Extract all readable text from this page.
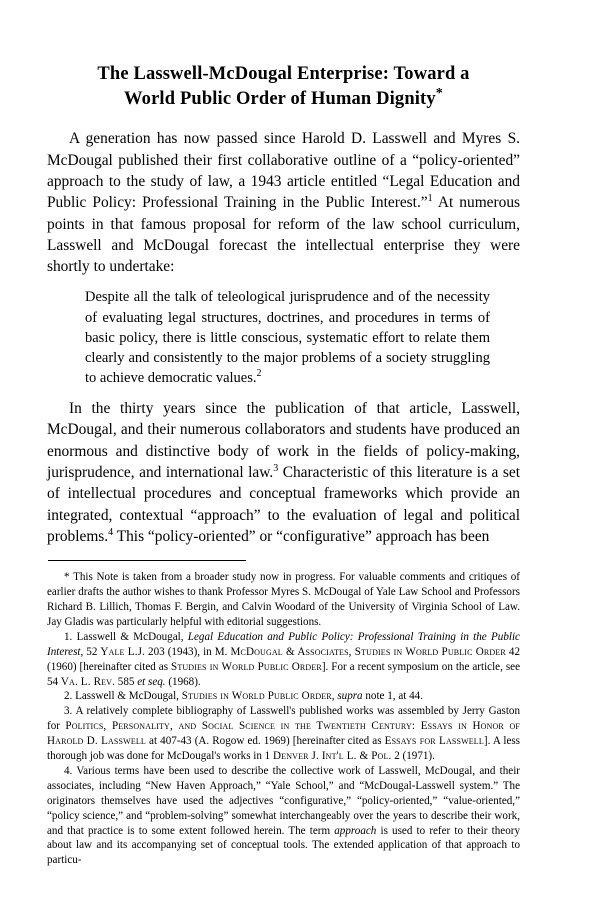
The Lasswell-McDougal Enterprise: Toward a
World Public Order of Human Dignity*

A generation has now passed since Harold D. Lasswell and Myres S. McDougal published their first collaborative outline of a “policy-oriented” approach to the study of law, a 1943 article entitled “Legal Education and Public Policy: Professional Training in the Public Interest.”$^1$ At numerous points in that famous proposal for reform of the law school curriculum, Lasswell and McDougal forecast the intellectual enterprise they were shortly to undertake:

Despite all the talk of teleological jurisprudence and of the necessity of evaluating legal structures, doctrines, and procedures in terms of basic policy, there is little conscious, systematic effort to relate them clearly and consistently to the major problems of a society struggling to achieve democratic values.$^2$

In the thirty years since the publication of that article, Lasswell, McDougal, and their numerous collaborators and students have produced an enormous and distinctive body of work in the fields of policy-making, jurisprudence, and international law.$^3$ Characteristic of this literature is a set of intellectual procedures and conceptual frameworks which provide an integrated, contextual “approach” to the evaluation of legal and political problems.$^4$ This “policy-oriented” or “configurative” approach has been

* This Note is taken from a broader study now in progress. For valuable comments and critiques of earlier drafts the author wishes to thank Professor Myres S. McDougal of Yale Law School and Professors Richard B. Lillich, Thomas F. Bergin, and Calvin Woodard of the University of Virginia School of Law. Jay Gladis was particularly helpful with editorial suggestions.

1. Lasswell & McDougal, Legal Education and Public Policy: Professional Training in the Public Interest, 52 Yale L.J. 203 (1943), in M. McDougal & Associates, Studies in World Public Order 42 (1960) [hereinafter cited as Studies in World Public Order]. For a recent symposium on the article, see 54 Va. L. Rev. 585 et seq. (1968).

2. Lasswell & McDougal, Studies in World Public Order, supra note 1, at 44.

3. A relatively complete bibliography of Lasswell's published works was assembled by Jerry Gaston for Politics, Personality, and Social Science in the Twentieth Century: Essays in Honor of Harold D. Lasswell at 407-43 (A. Rogow ed. 1969) [hereinafter cited as Essays for Lasswell]. A less thorough job was done for McDougal's works in 1 Denver J. Int'l L. & Pol. 2 (1971).

4. Various terms have been used to describe the collective work of Lasswell, McDougal, and their associates, including “New Haven Approach,” “Yale School,” and “McDougal-Lasswell system.” The originators themselves have used the adjectives “configurative,” “policy-oriented,” “value-oriented,” “policy science,” and “problem-solving” somewhat interchangeably over the years to describe their work, and that practice is to some extent followed herein. The term approach is used to refer to their theory about law and its accompanying set of conceptual tools. The extended application of that approach to particu-
